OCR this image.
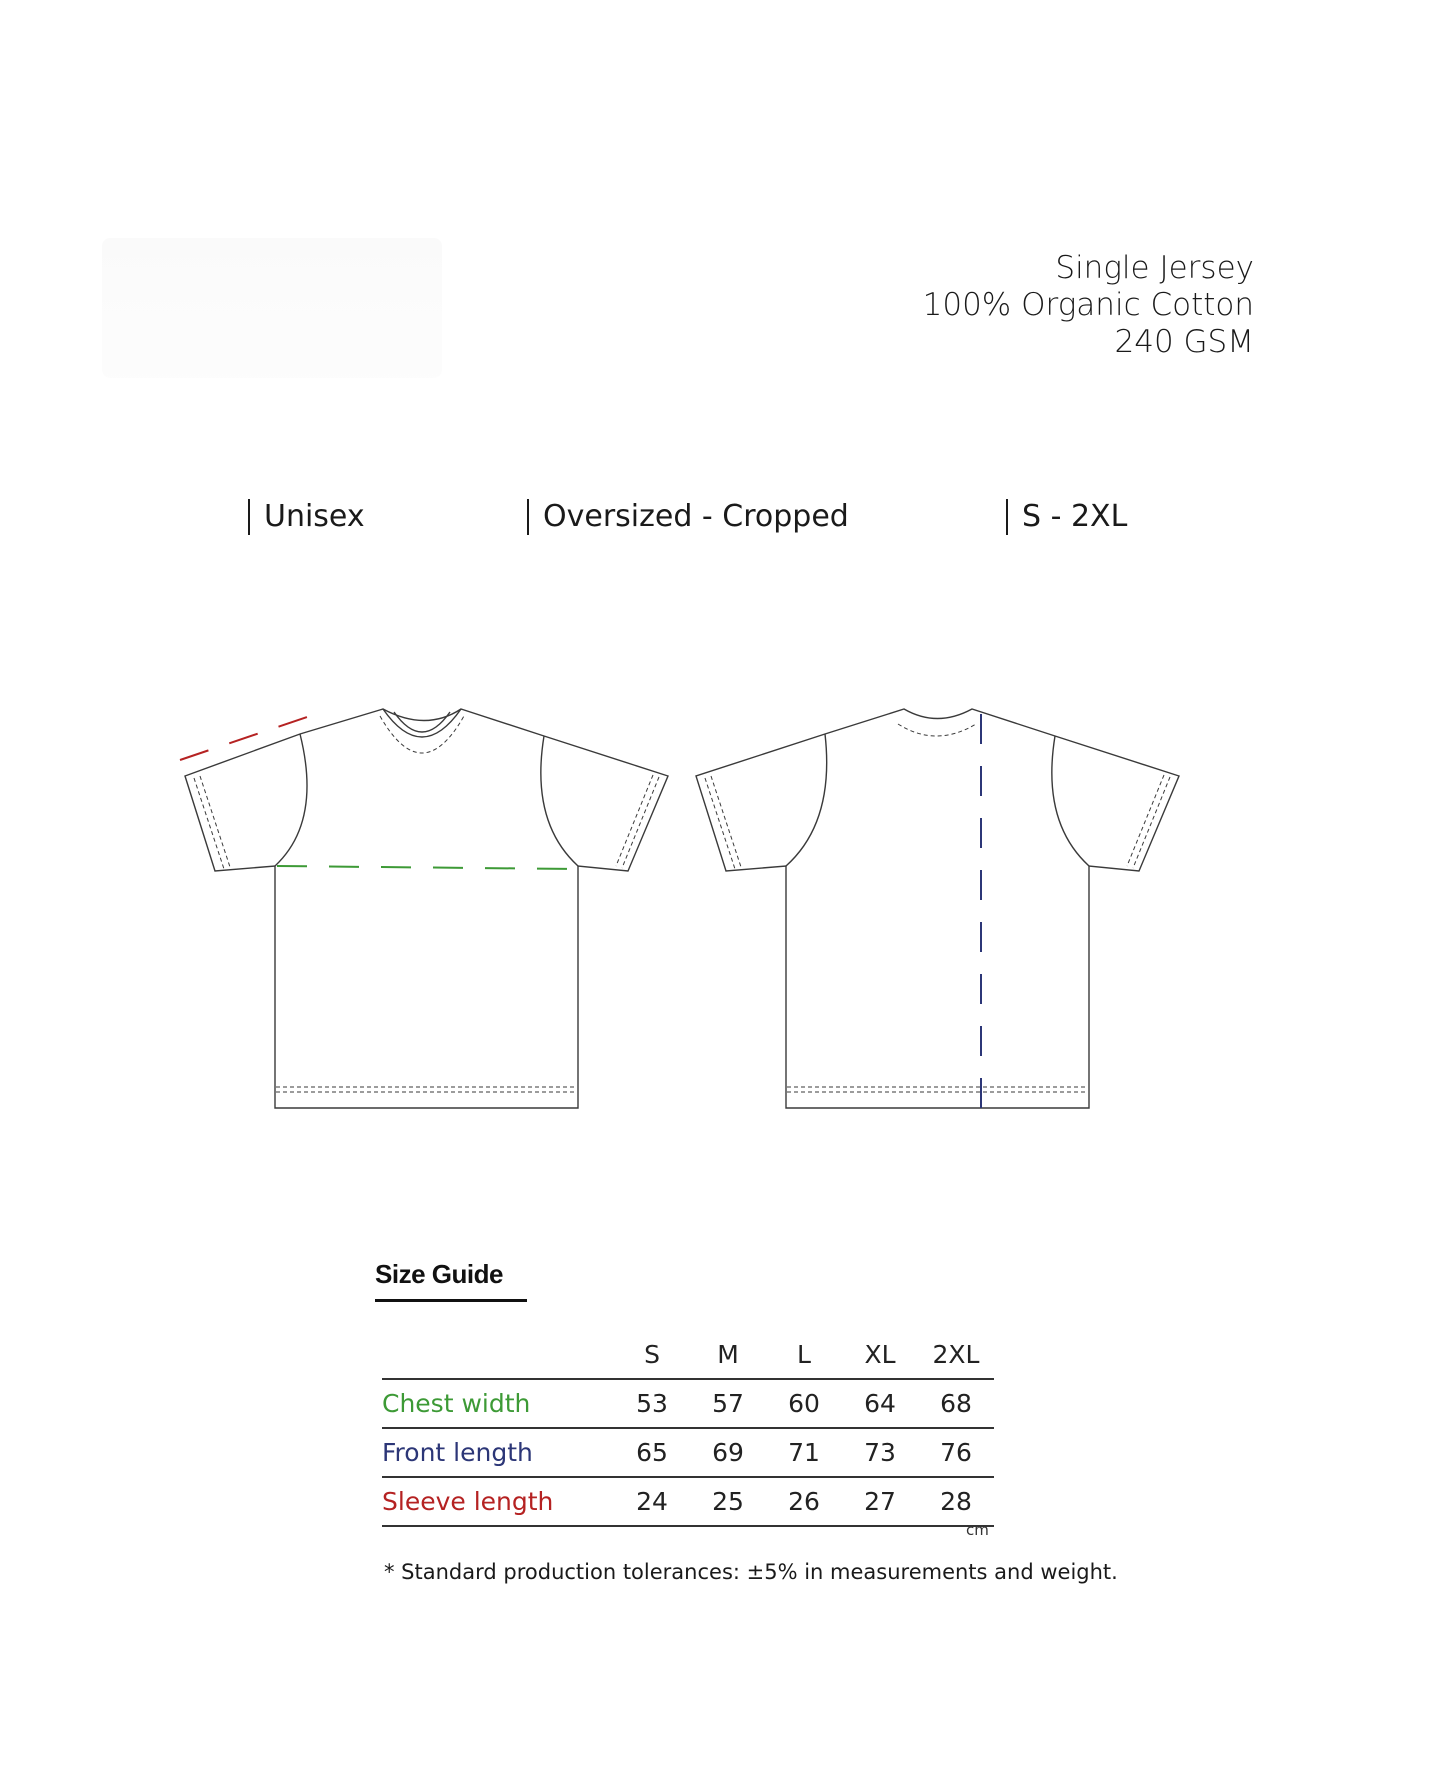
Single Jersey
100% Organic Cotton
240 GSM
Unisex	Oversized - Cropped	S - 2XL
Size Guide
	S	M	L	XL	2XL
Chest width	53	57	60	64	68
Front length	65	69	71	73	76
Sleeve length	24	25	26	27	28
cm
* Standard production tolerances: ±5% in measurements and weight.
